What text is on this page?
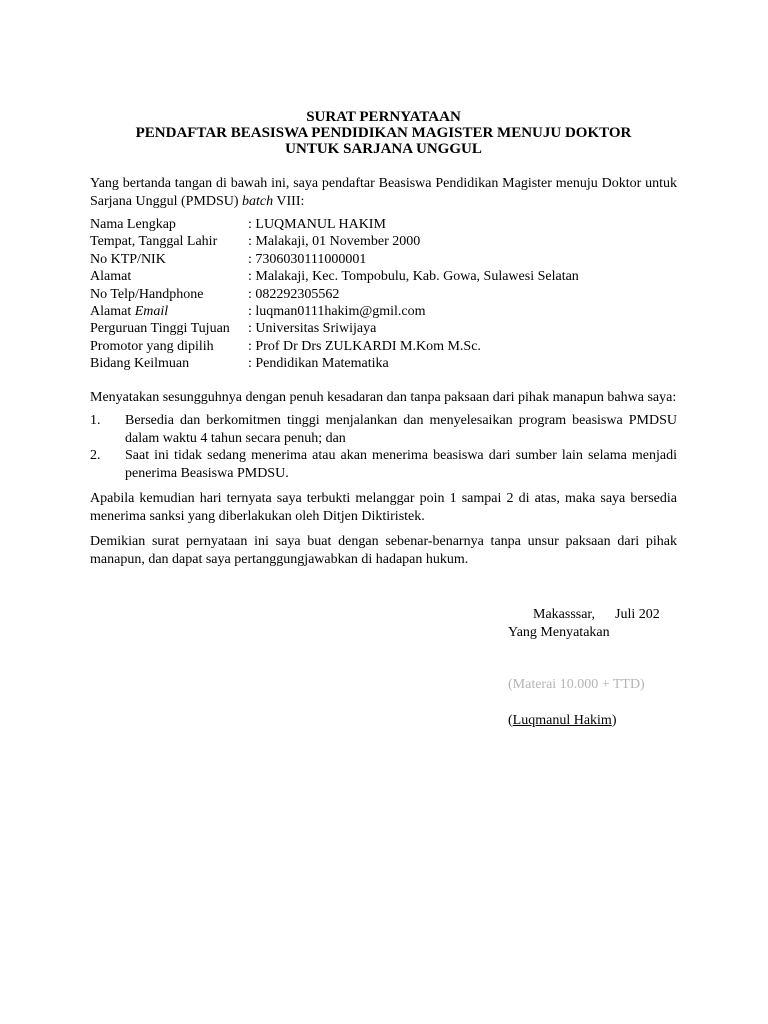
SURAT PERNYATAAN

PENDAFTAR BEASISWA PENDIDIKAN MAGISTER MENUJU DOKTOR

UNTUK SARJANA UNGGUL

Yang bertanda tangan di bawah ini, saya pendaftar Beasiswa Pendidikan Magister menuju Doktor untuk Sarjana Unggul (PMDSU) batch VIII:
Nama Lengkap	: LUQMANUL HAKIM
Tempat, Tanggal Lahir	: Malakaji, 01 November 2000
No KTP/NIK	: 7306030111000001
Alamat	: Malakaji, Kec. Tompobulu, Kab. Gowa, Sulawesi Selatan
No Telp/Handphone	: 082292305562
Alamat Email	: luqman0111hakim@gmil.com
Perguruan Tinggi Tujuan	: Universitas Sriwijaya
Promotor yang dipilih	: Prof Dr Drs ZULKARDI M.Kom M.Sc.
Bidang Keilmuan	: Pendidikan Matematika
Menyatakan sesungguhnya dengan penuh kesadaran dan tanpa paksaan dari pihak manapun bahwa saya:
1.	Bersedia dan berkomitmen tinggi menjalankan dan menyelesaikan program beasiswa PMDSU dalam waktu 4 tahun secara penuh; dan
2.	Saat ini tidak sedang menerima atau akan menerima beasiswa dari sumber lain selama menjadi penerima Beasiswa PMDSU.
Apabila kemudian hari ternyata saya terbukti melanggar poin 1 sampai 2 di atas, maka saya bersedia menerima sanksi yang diberlakukan oleh Ditjen Diktiristek.
Demikian surat pernyataan ini saya buat dengan sebenar-benarnya tanpa unsur paksaan dari pihak manapun, dan dapat saya pertanggungjawabkan di hadapan hukum.
Makasssar, Juli 202
Yang Menyatakan
(Materai 10.000 + TTD)
(Luqmanul Hakim)
